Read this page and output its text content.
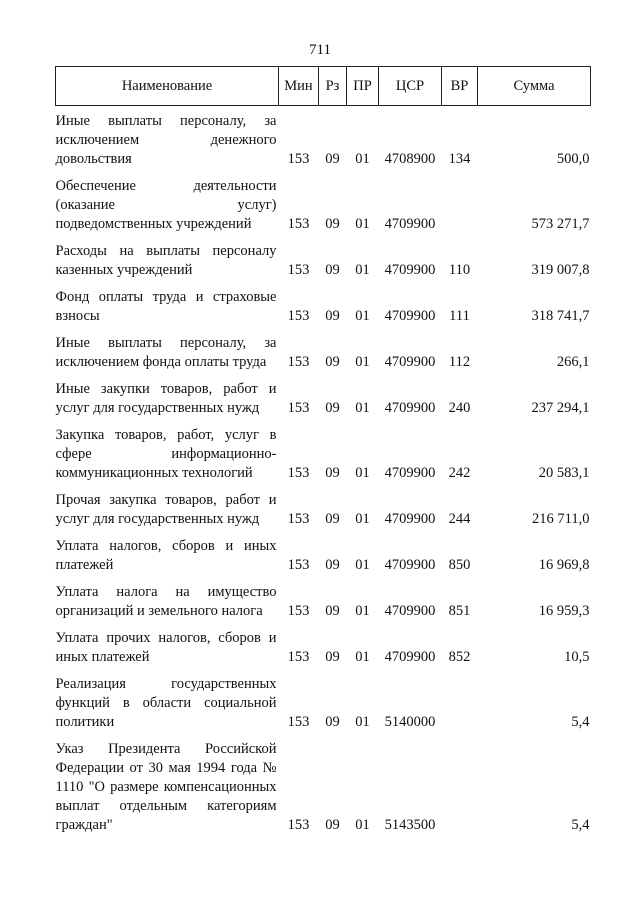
711
Наименование	Мин	Рз	ПР	ЦСР	ВР	Сумма
Иные выплаты персоналу, за исключением денежного довольствия	153	09	01	4708900	134	500,0
Обеспечение деятельности (оказание услуг) подведомственных учреждений	153	09	01	4709900		573 271,7
Расходы на выплаты персоналу казенных учреждений	153	09	01	4709900	110	319 007,8
Фонд оплаты труда и страховые взносы	153	09	01	4709900	111	318 741,7
Иные выплаты персоналу, за исключением фонда оплаты труда	153	09	01	4709900	112	266,1
Иные закупки товаров, работ и услуг для государственных нужд	153	09	01	4709900	240	237 294,1
Закупка товаров, работ, услуг в сфере информационно-коммуникационных технологий	153	09	01	4709900	242	20 583,1
Прочая закупка товаров, работ и услуг для государственных нужд	153	09	01	4709900	244	216 711,0
Уплата налогов, сборов и иных платежей	153	09	01	4709900	850	16 969,8
Уплата налога на имущество организаций и земельного налога	153	09	01	4709900	851	16 959,3
Уплата прочих налогов, сборов и иных платежей	153	09	01	4709900	852	10,5
Реализация государственных функций в области социальной политики	153	09	01	5140000		5,4
Указ Президента Российской Федерации от 30 мая 1994 года № 1110 "О размере компенсационных выплат отдельным категориям граждан"	153	09	01	5143500		5,4
